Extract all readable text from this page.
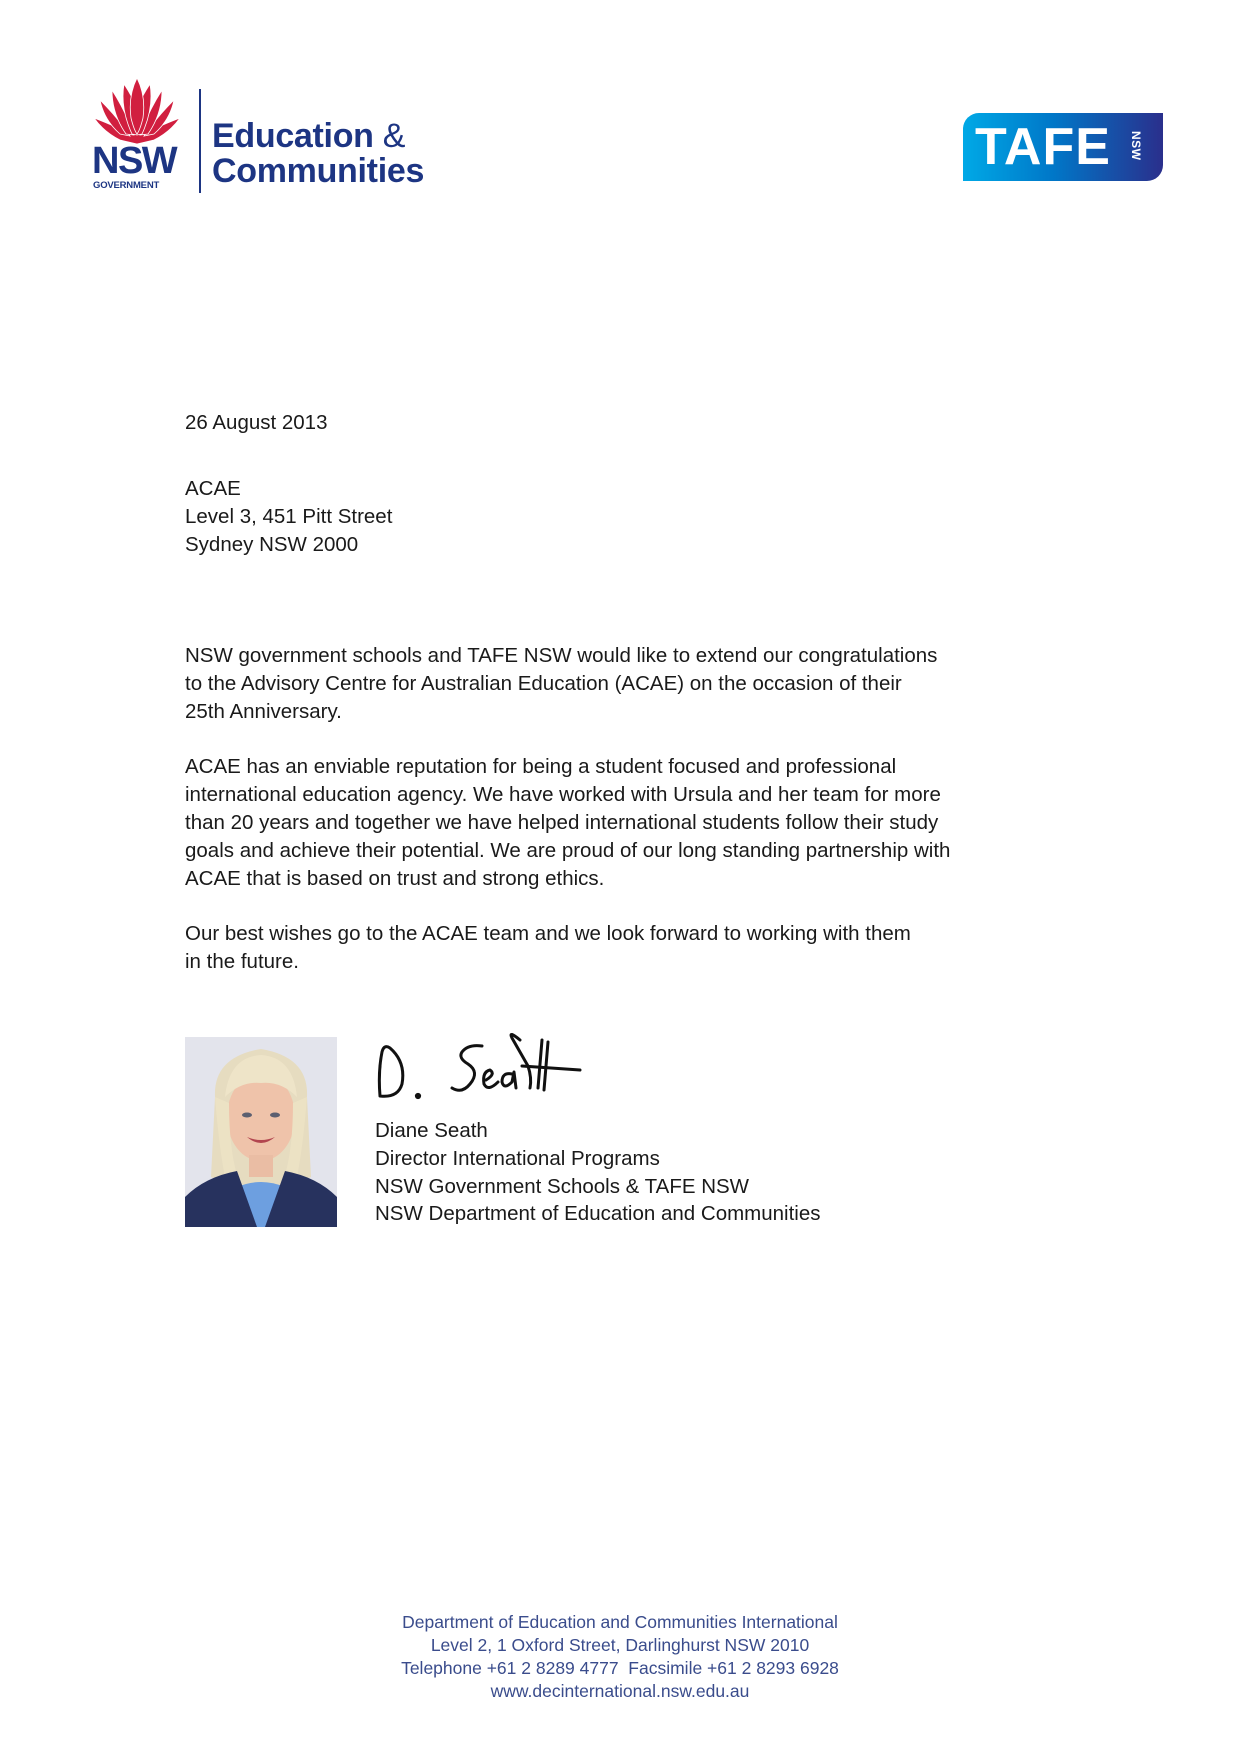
NSW
GOVERNMENT
Education &
Communities	TAFE NSW
26 August 2013
ACAE
Level 3, 451 Pitt Street
Sydney NSW 2000

NSW government schools and TAFE NSW would like to extend our congratulations
to the Advisory Centre for Australian Education (ACAE) on the occasion of their
25th Anniversary.

ACAE has an enviable reputation for being a student focused and professional
international education agency. We have worked with Ursula and her team for more
than 20 years and together we have helped international students follow their study
goals and achieve their potential. We are proud of our long standing partnership with
ACAE that is based on trust and strong ethics.

Our best wishes go to the ACAE team and we look forward to working with them
in the future.

Diane Seath
Director International Programs
NSW Government Schools & TAFE NSW
NSW Department of Education and Communities
Department of Education and Communities International
Level 2, 1 Oxford Street, Darlinghurst NSW 2010
Telephone +61 2 8289 4777  Facsimile +61 2 8293 6928
www.decinternational.nsw.edu.au
